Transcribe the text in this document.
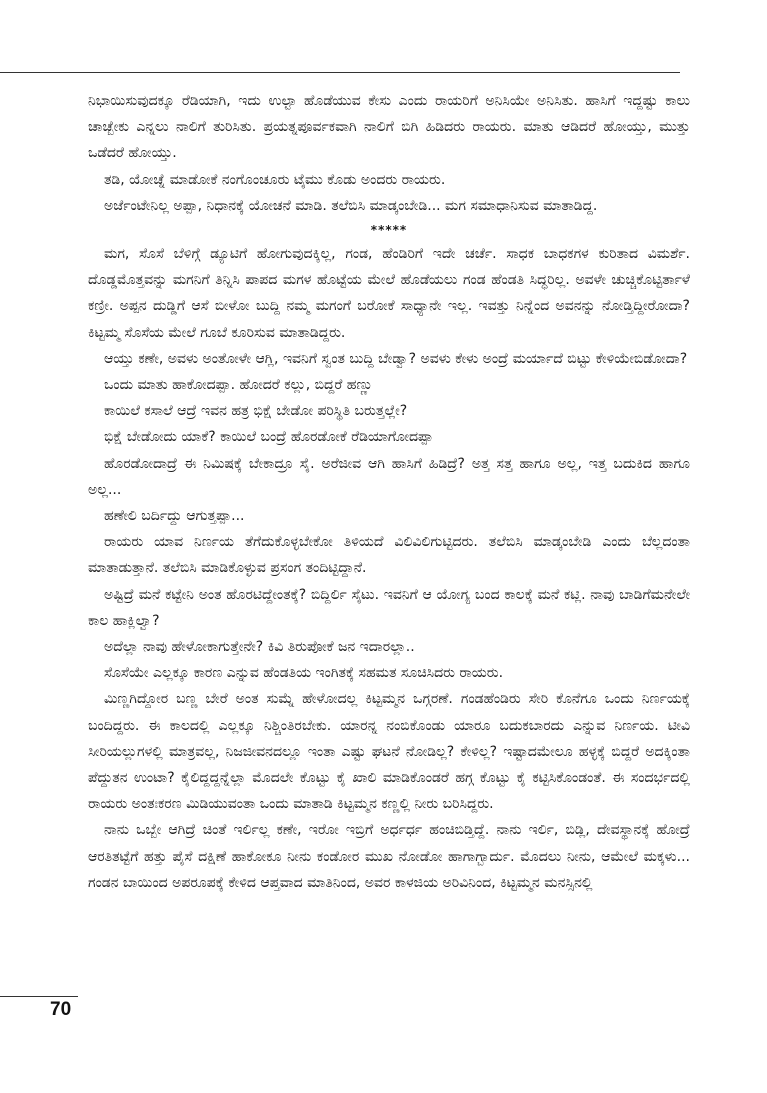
ನಿಭಾಯಿಸುವುದಕ್ಕೂ ರೆಡಿಯಾಗಿ, ಇದು ಉಲ್ಟಾ ಹೊಡೆಯುವ ಕೇಸು ಎಂದು ರಾಯರಿಗೆ ಅನಿಸಿಯೇ ಅನಿಸಿತು. ಹಾಸಿಗೆ ಇದ್ದಷ್ಟು ಕಾಲು ಚಾಚ್ಬೇಕು ಎನ್ನಲು ನಾಲಿಗೆ ತುರಿಸಿತು. ಪ್ರಯತ್ನಪೂರ್ವಕವಾಗಿ ನಾಲಿಗೆ ಬಿಗಿ ಹಿಡಿದರು ರಾಯರು. ಮಾತು ಆಡಿದರೆ ಹೋಯ್ತು, ಮುತ್ತು ಒಡೆದರೆ ಹೋಯ್ತು.

ತಡಿ, ಯೋಚ್ನೆ ಮಾಡೋಕೆ ನಂಗೊಂಚೂರು ಟೈಮು ಕೊಡು ಅಂದರು ರಾಯರು.

ಅರ್ಜೆಂಟೇನಿಲ್ಲ ಅಪ್ಪಾ, ನಿಧಾನಕ್ಕೆ ಯೋಚನೆ ಮಾಡಿ. ತಲೆಬಿಸಿ ಮಾಡ್ಕಂಬೇಡಿ... ಮಗ ಸಮಾಧಾನಿಸುವ ಮಾತಾಡಿದ್ದ.

*****

ಮಗ, ಸೊಸೆ ಬೆಳಿಗ್ಗೆ ಡ್ಯೂಟಿಗೆ ಹೋಗುವುದಕ್ಕಿಲ್ಲ, ಗಂಡ, ಹೆಂಡಿರಿಗೆ ಇದೇ ಚರ್ಚೆ. ಸಾಧಕ ಬಾಧಕಗಳ ಕುರಿತಾದ ವಿಮರ್ಶೆ. ದೊಡ್ಡಮೊತ್ತವನ್ನು ಮಗನಿಗೆ ತಿನ್ನಿಸಿ ಪಾಪದ ಮಗಳ ಹೊಟ್ಟೆಯ ಮೇಲೆ ಹೊಡೆಯಲು ಗಂಡ ಹೆಂಡತಿ ಸಿದ್ಧರಿಲ್ಲ. ಅವಳೇ ಚುಚ್ಚಿಕೊಟ್ಟಿರ್ತಾಳೆ ಕಣ್ರೀ. ಅಪ್ಪನ ದುಡ್ಡಿಗೆ ಆಸೆ ಬೀಳೋ ಬುದ್ದಿ ನಮ್ಮ ಮಗಂಗೆ ಬರೋಕೆ ಸಾಧ್ಯಾನೇ ಇಲ್ಲ. ಇವತ್ತು ನಿನ್ನೆಂದ ಅವನನ್ನು ನೋಡ್ತಿದ್ದೀರೋದಾ? ಕಿಟ್ಟಮ್ಮ ಸೊಸೆಯ ಮೇಲೆ ಗೂಬೆ ಕೂರಿಸುವ ಮಾತಾಡಿದ್ದರು.

ಆಯ್ತು ಕಣೇ, ಅವಳು ಅಂತೋಳೇ ಆಗ್ಲಿ, ಇವನಿಗೆ ಸ್ವಂತ ಬುದ್ದಿ ಬೇಡ್ವಾ? ಅವಳು ಕೇಳು ಅಂದ್ರೆ ಮರ್ಯಾದೆ ಬಿಟ್ಟು ಕೇಳಿಯೇಬಿಡೋದಾ?

ಒಂದು ಮಾತು ಹಾಕೋದಪ್ಪಾ. ಹೋದರೆ ಕಲ್ಲು, ಬಿದ್ದರೆ ಹಣ್ಣು

ಕಾಯಿಲೆ ಕಸಾಲೆ ಆದ್ರೆ ಇವನ ಹತ್ರ ಭಿಕ್ಷೆ ಬೇಡೋ ಪರಿಸ್ಥಿತಿ ಬರುತ್ತಲ್ಲೇ?

ಭಿಕ್ಷೆ ಬೇಡೋದು ಯಾಕೆ? ಕಾಯಿಲೆ ಬಂದ್ರೆ ಹೊರಡೋಕೆ ರೆಡಿಯಾಗೋದಪ್ಪಾ

ಹೊರಡೋದಾದ್ರೆ ಈ ನಿಮಿಷಕ್ಕೆ ಬೇಕಾದ್ರೂ ಸೈ. ಅರೆಜೀವ ಆಗಿ ಹಾಸಿಗೆ ಹಿಡಿದ್ರೆ? ಅತ್ತ ಸತ್ತ ಹಾಗೂ ಅಲ್ಲ, ಇತ್ತ ಬದುಕಿದ ಹಾಗೂ ಅಲ್ಲ...

ಹಣೇಲಿ ಬರ್ದಿದ್ದು ಆಗುತ್ತಪ್ಪಾ...

ರಾಯರು ಯಾವ ನಿರ್ಣಯ ತೆಗೆದುಕೊಳ್ಳಬೇಕೋ ತಿಳಿಯದೆ ವಿಲಿವಿಲಿಗುಟ್ಟಿದರು. ತಲೆಬಿಸಿ ಮಾಡ್ಕಂಬೇಡಿ ಎಂದು ಬೆಲ್ಲದಂತಾ ಮಾತಾಡುತ್ತಾನೆ. ತಲೆಬಿಸಿ ಮಾಡಿಕೊಳ್ಳುವ ಪ್ರಸಂಗ ತಂದಿಟ್ಟಿದ್ದಾನೆ.

ಅಷ್ಟಿದ್ರೆ ಮನೆ ಕಟ್ಟೇನಿ ಅಂತ ಹೊರಟಿದ್ದೇಂತಕ್ಕೆ? ಬಿದ್ದಿರ್ಲಿ ಸೈಟು. ಇವನಿಗೆ ಆ ಯೋಗ್ಯ ಬಂದ ಕಾಲಕ್ಕೆ ಮನೆ ಕಟ್ಲಿ. ನಾವು ಬಾಡಿಗೆಮನೇಲೇ ಕಾಲ ಹಾಕ್ಲಿಲ್ವಾ?

ಅದೆಲ್ಲಾ ನಾವು ಹೇಳೋಕಾಗುತ್ತೇನೇ? ಕಿವಿ ತಿರುಪೋಕೆ ಜನ ಇದಾರಲ್ಲಾ..

ಸೊಸೆಯೇ ಎಲ್ಲಕ್ಕೂ ಕಾರಣ ಎನ್ನುವ ಹೆಂಡತಿಯ ಇಂಗಿತಕ್ಕೆ ಸಹಮತ ಸೂಚಿಸಿದರು ರಾಯರು.

ಮಿಣ್ಣಗಿದ್ದೋರ ಬಣ್ಣ ಬೇರೆ ಅಂತ ಸುಮ್ನೆ ಹೇಳೋದಲ್ಲ ಕಿಟ್ಟಮ್ಮನ ಒಗ್ಗರಣೆ. ಗಂಡಹೆಂಡಿರು ಸೇರಿ ಕೊನೆಗೂ ಒಂದು ನಿರ್ಣಯಕ್ಕೆ ಬಂದಿದ್ದರು. ಈ ಕಾಲದಲ್ಲಿ ಎಲ್ಲಕ್ಕೂ ನಿಶ್ಚಿಂತಿರಬೇಕು. ಯಾರನ್ನ ನಂಬಿಕೊಂಡು ಯಾರೂ ಬದುಕಬಾರದು ಎನ್ನುವ ನಿರ್ಣಯ. ಟೀವಿ ಸೀರಿಯಲ್ಲುಗಳಲ್ಲಿ ಮಾತ್ರವಲ್ಲ, ನಿಜಜೀವನದಲ್ಲೂ ಇಂತಾ ಎಷ್ಟು ಘಟನೆ ನೋಡಿಲ್ಲ? ಕೇಳಿಲ್ಲ? ಇಷ್ಟಾದಮೇಲೂ ಹಳ್ಳಕ್ಕೆ ಬಿದ್ದರೆ ಅದಕ್ಕಿಂತಾ ಪೆದ್ದುತನ ಉಂಟಾ? ಕೈಲಿದ್ದದ್ದನ್ನೆಲ್ಲಾ ಮೊದಲೇ ಕೊಟ್ಟು ಕೈ ಖಾಲಿ ಮಾಡಿಕೊಂಡರೆ ಹಗ್ಗ ಕೊಟ್ಟು ಕೈ ಕಟ್ಟಿಸಿಕೊಂಡಂತೆ. ಈ ಸಂದರ್ಭದಲ್ಲಿ ರಾಯರು ಅಂತಃಕರಣ ಮಿಡಿಯುವಂತಾ ಒಂದು ಮಾತಾಡಿ ಕಿಟ್ಟಮ್ಮನ ಕಣ್ಣಲ್ಲಿ ನೀರು ಬರಿಸಿದ್ದರು.

ನಾನು ಒಬ್ಬೇ ಆಗಿದ್ರೆ ಚಿಂತೆ ಇರ್ಲಿಲ್ಲ ಕಣೇ, ಇರೋ ಇಬ್ರಿಗೆ ಅರ್ಧರ್ಧ ಹಂಚಿಬಿಡ್ತಿದ್ದೆ. ನಾನು ಇರ್ಲಿ, ಬಿಡ್ಲಿ, ದೇವಸ್ಥಾನಕ್ಕೆ ಹೋದ್ರೆ ಆರತಿತಟ್ಟೆಗೆ ಹತ್ತು ಪೈಸೆ ದಕ್ಷಿಣೆ ಹಾಕೋಕೂ ನೀನು ಕಂಡೋರ ಮುಖ ನೋಡೋ ಹಾಗಾಗ್ಬಾರ್ದು. ಮೊದಲು ನೀನು, ಆಮೇಲೆ ಮಕ್ಕಳು... ಗಂಡನ ಬಾಯಿಂದ ಅಪರೂಪಕ್ಕೆ ಕೇಳಿದ ಆಪ್ತವಾದ ಮಾತಿನಿಂದ, ಅವರ ಕಾಳಜಿಯ ಅರಿವಿನಿಂದ, ಕಿಟ್ಟಮ್ಮನ ಮನಸ್ಸಿನಲ್ಲಿ

70
